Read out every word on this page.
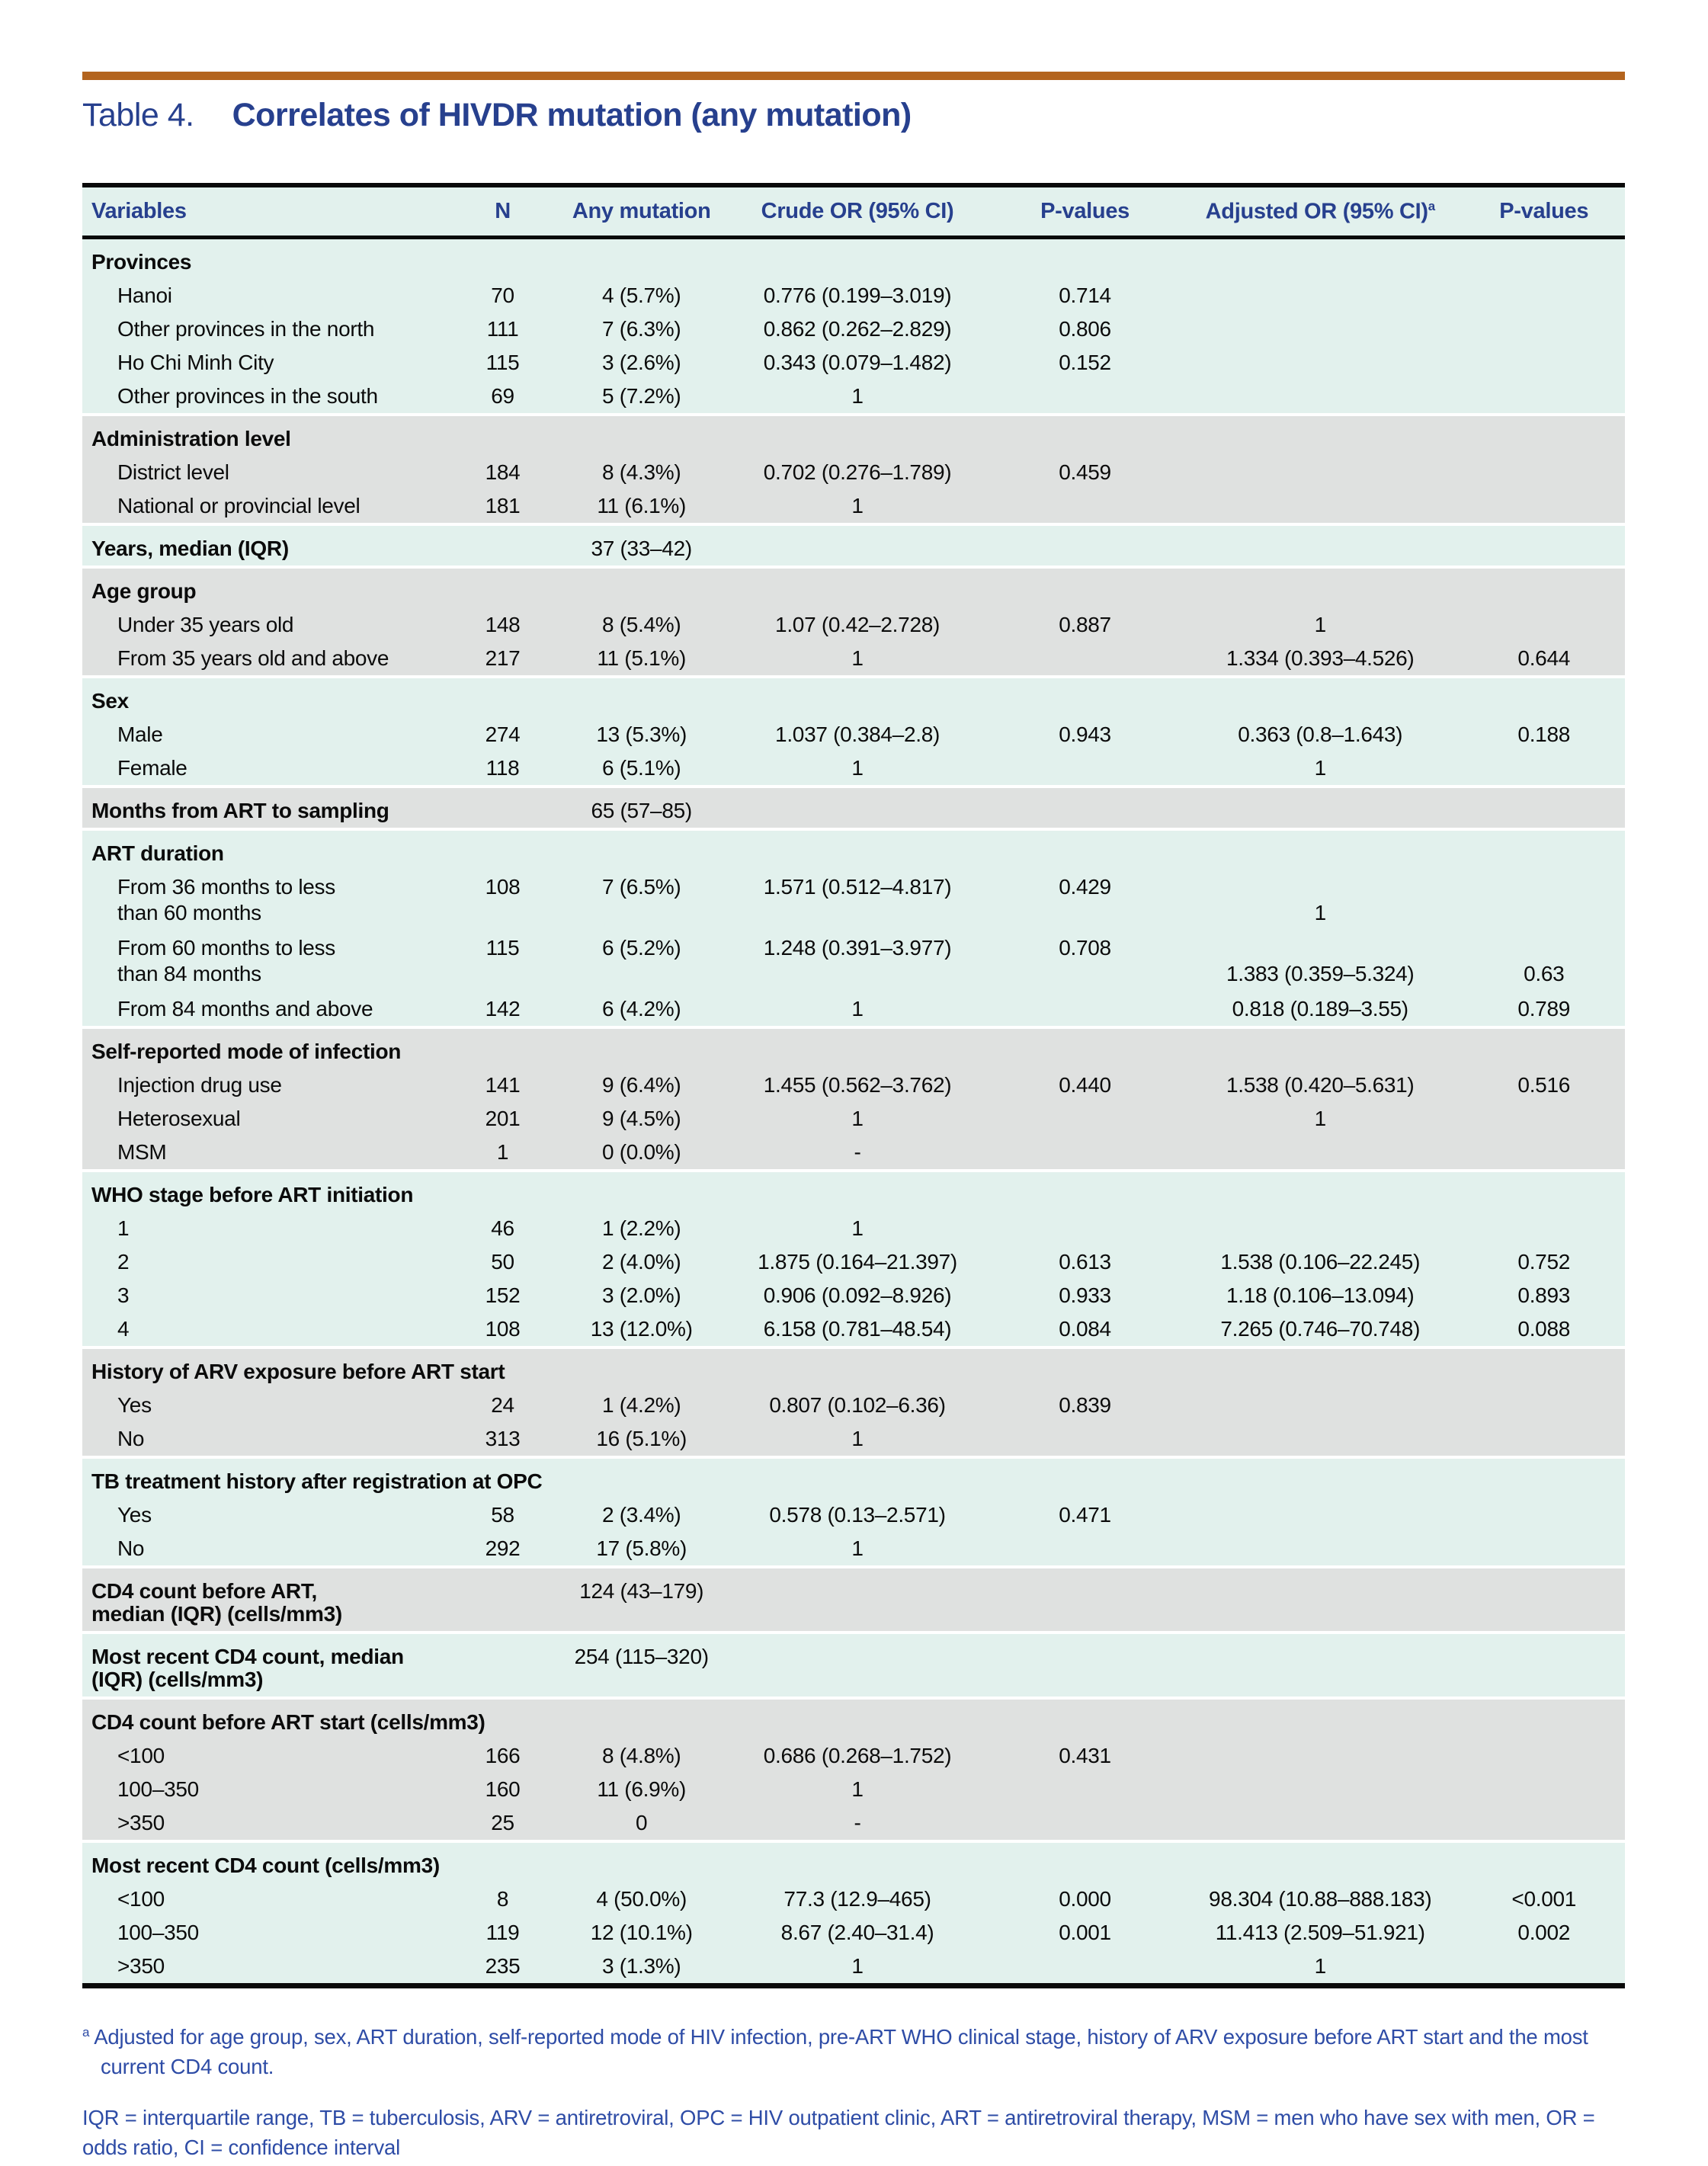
Table 4. Correlates of HIVDR mutation (any mutation)
Variables	N	Any mutation	Crude OR (95% CI)	P-values	Adjusted OR (95% CI)$^a$	P-values
Provinces						
Hanoi	70	4 (5.7%)	0.776 (0.199–3.019)	0.714		
Other provinces in the north	111	7 (6.3%)	0.862 (0.262–2.829)	0.806		
Ho Chi Minh City	115	3 (2.6%)	0.343 (0.079–1.482)	0.152		
Other provinces in the south	69	5 (7.2%)	1			
Administration level						
District level	184	8 (4.3%)	0.702 (0.276–1.789)	0.459		
National or provincial level	181	11 (6.1%)	1			

Years, median (IQR)		37 (33–42)				
Age group						
Under 35 years old	148	8 (5.4%)	1.07 (0.42–2.728)	0.887	1	
From 35 years old and above	217	11 (5.1%)	1		1.334 (0.393–4.526)	0.644
Sex						
Male	274	13 (5.3%)	1.037 (0.384–2.8)	0.943	0.363 (0.8–1.643)	0.188
Female	118	6 (5.1%)	1		1	

Months from ART to sampling		65 (57–85)				
ART duration						
From 36 months to less	108	7 (6.5%)	1.571 (0.512–4.817)	0.429		
than 60 months					1	
From 60 months to less	115	6 (5.2%)	1.248 (0.391–3.977)	0.708		
than 84 months					1.383 (0.359–5.324)	0.63
From 84 months and above	142	6 (4.2%)	1		0.818 (0.189–3.55)	0.789
Self-reported mode of infection						
Injection drug use	141	9 (6.4%)	1.455 (0.562–3.762)	0.440	1.538 (0.420–5.631)	0.516
Heterosexual	201	9 (4.5%)	1		1	
MSM	1	0 (0.0%)	-			
WHO stage before ART initiation						
1	46	1 (2.2%)	1			
2	50	2 (4.0%)	1.875 (0.164–21.397)	0.613	1.538 (0.106–22.245)	0.752
3	152	3 (2.0%)	0.906 (0.092–8.926)	0.933	1.18 (0.106–13.094)	0.893
4	108	13 (12.0%)	6.158 (0.781–48.54)	0.084	7.265 (0.746–70.748)	0.088
History of ARV exposure before ART start						
Yes	24	1 (4.2%)	0.807 (0.102–6.36)	0.839		
No	313	16 (5.1%)	1			
TB treatment history after registration at OPC						
Yes	58	2 (3.4%)	0.578 (0.13–2.571)	0.471		
No	292	17 (5.8%)	1			

CD4 count before ART,
median (IQR) (cells/mm3)		124 (43–179)				

Most recent CD4 count, median
(IQR) (cells/mm3)		254 (115–320)				
CD4 count before ART start (cells/mm3)						
<100	166	8 (4.8%)	0.686 (0.268–1.752)	0.431		
100–350	160	11 (6.9%)	1			
>350	25	0	-			
Most recent CD4 count (cells/mm3)						
<100	8	4 (50.0%)	77.3 (12.9–465)	0.000	98.304 (10.88–888.183)	<0.001
100–350	119	12 (10.1%)	8.67 (2.40–31.4)	0.001	11.413 (2.509–51.921)	0.002
>350	235	3 (1.3%)	1		1	
$^a$ Adjusted for age group, sex, ART duration, self-reported mode of HIV infection, pre-ART WHO clinical stage, history of ARV exposure before ART start and the most current CD4 count.
IQR = interquartile range, TB = tuberculosis, ARV = antiretroviral, OPC = HIV outpatient clinic, ART = antiretroviral therapy, MSM = men who have sex with men, OR = odds ratio, CI = confidence interval
